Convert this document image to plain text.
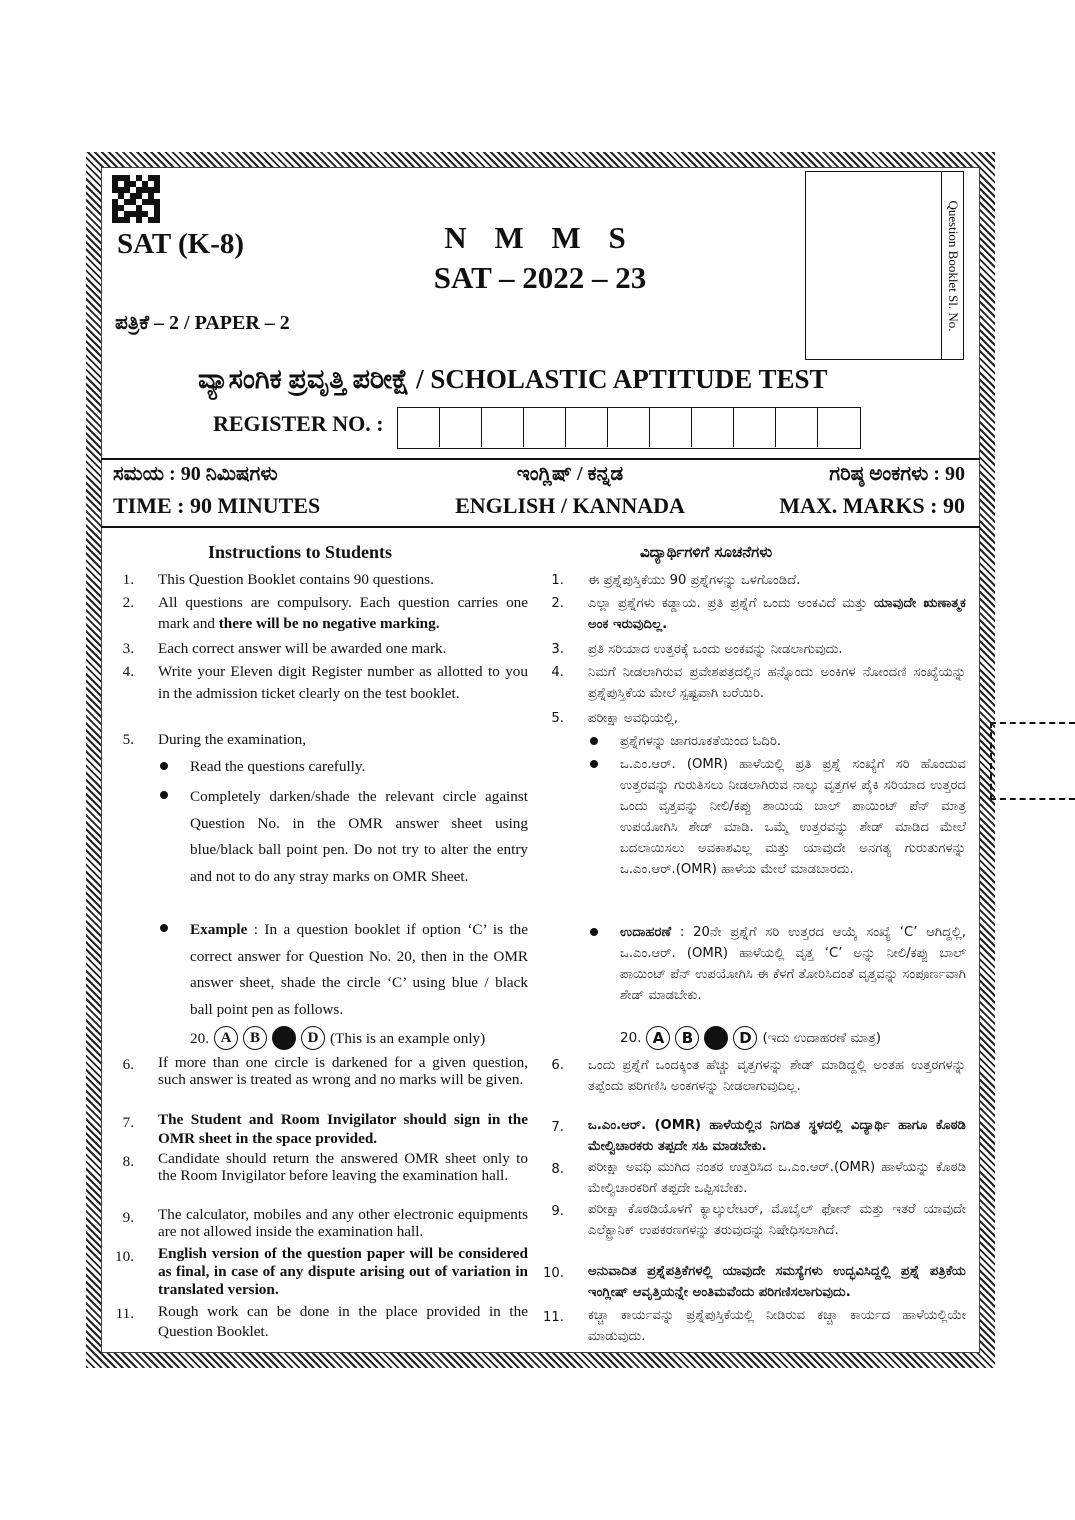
SAT (K-8)	N M M S
SAT – 2022 – 23
ಪತ್ರಿಕೆ – 2 / PAPER – 2	Question Booklet Sl. No.
ವ್ಯಾಸಂಗಿಕ ಪ್ರವೃತ್ತಿ ಪರೀಕ್ಷೆ / SCHOLASTIC APTITUDE TEST
REGISTER NO. :
ಸಮಯ : 90 ನಿಮಿಷಗಳು
TIME : 90 MINUTES
ಇಂಗ್ಲಿಷ್ / ಕನ್ನಡ
ENGLISH / KANNADA
ಗರಿಷ್ಠ ಅಂಕಗಳು : 90
MAX. MARKS : 90
Instructions to Students
1. This Question Booklet contains 90 questions.
2. All questions are compulsory. Each question carries one mark and there will be no negative marking.
3. Each correct answer will be awarded one mark.
4. Write your Eleven digit Register number as allotted to you in the admission ticket clearly on the test booklet.
5. During the examination,
Read the questions carefully.
Completely darken/shade the relevant circle against Question No. in the OMR answer sheet using blue/black ball point pen. Do not try to alter the entry and not to do any stray marks on OMR Sheet.
Example : In a question booklet if option ‘C’ is the correct answer for Question No. 20, then in the OMR answer sheet, shade the circle ‘C’ using blue / black ball point pen as follows.
20. A	B	D (This is an example only)
6. If more than one circle is darkened for a given question, such answer is treated as wrong and no marks will be given.
7. The Student and Room Invigilator should sign in the OMR sheet in the space provided.
8. Candidate should return the answered OMR sheet only to the Room Invigilator before leaving the examination hall.
9. The calculator, mobiles and any other electronic equipments are not allowed inside the examination hall.
10. English version of the question paper will be considered as final, in case of any dispute arising out of variation in translated version.
11. Rough work can be done in the place provided in the Question Booklet.
ವಿದ್ಯಾರ್ಥಿಗಳಿಗೆ ಸೂಚನೆಗಳು
1. ಈ ಪ್ರಶ್ನೆಪುಸ್ತಿಕೆಯು 90 ಪ್ರಶ್ನೆಗಳನ್ನು ಒಳಗೊಂಡಿದೆ.
2. ಎಲ್ಲಾ ಪ್ರಶ್ನೆಗಳು ಕಡ್ಡಾಯ. ಪ್ರತಿ ಪ್ರಶ್ನೆಗೆ ಒಂದು ಅಂಕವಿದೆ ಮತ್ತು ಯಾವುದೇ ಋಣಾತ್ಮಕ ಅಂಕ ಇರುವುದಿಲ್ಲ.
3. ಪ್ರತಿ ಸರಿಯಾದ ಉತ್ತರಕ್ಕೆ ಒಂದು ಅಂಕವನ್ನು ನೀಡಲಾಗುವುದು.
4. ನಿಮಗೆ ನೀಡಲಾಗಿರುವ ಪ್ರವೇಶಪತ್ರದಲ್ಲಿನ ಹನ್ನೊಂದು ಅಂಕಿಗಳ ನೋಂದಣಿ ಸಂಖ್ಯೆಯನ್ನು ಪ್ರಶ್ನೆಪುಸ್ತಿಕೆಯ ಮೇಲೆ ಸ್ಪಷ್ಟವಾಗಿ ಬರೆಯಿರಿ.
5. ಪರೀಕ್ಷಾ ಅವಧಿಯಲ್ಲಿ,
ಪ್ರಶ್ನೆಗಳನ್ನು ಜಾಗರೂಕತೆಯಿಂದ ಓದಿರಿ.
ಒ.ಎಂ.ಆರ್. (OMR) ಹಾಳೆಯಲ್ಲಿ ಪ್ರತಿ ಪ್ರಶ್ನೆ ಸಂಖ್ಯೆಗೆ ಸರಿ ಹೊಂದುವ ಉತ್ತರವನ್ನು ಗುರುತಿಸಲು ನೀಡಲಾಗಿರುವ ನಾಲ್ಕು ವೃತ್ತಗಳ ಪೈಕಿ ಸರಿಯಾದ ಉತ್ತರದ ಒಂದು ವೃತ್ತವನ್ನು ನೀಲಿ/ಕಪ್ಪು ಶಾಯಿಯ ಬಾಲ್ ಪಾಯಿಂಟ್ ಪೆನ್ ಮಾತ್ರ ಉಪಯೋಗಿಸಿ ಶೇಡ್ ಮಾಡಿ. ಒಮ್ಮೆ ಉತ್ತರವನ್ನು ಶೇಡ್ ಮಾಡಿದ ಮೇಲೆ ಬದಲಾಯಿಸಲು ಅವಕಾಶವಿಲ್ಲ ಮತ್ತು ಯಾವುದೇ ಅನಗತ್ಯ ಗುರುತುಗಳನ್ನು ಒ.ಎಂ.ಆರ್.(OMR) ಹಾಳೆಯ ಮೇಲೆ ಮಾಡಬಾರದು.
ಉದಾಹರಣೆ : 20ನೇ ಪ್ರಶ್ನೆಗೆ ಸರಿ ಉತ್ತರದ ಆಯ್ಕೆ ಸಂಖ್ಯೆ ‘C’ ಆಗಿದ್ದಲ್ಲಿ, ಒ.ಎಂ.ಆರ್. (OMR) ಹಾಳೆಯಲ್ಲಿ ವೃತ್ತ ‘C’ ಅನ್ನು ನೀಲಿ/ಕಪ್ಪು ಬಾಲ್ ಪಾಯಿಂಟ್ ಪೆನ್ ಉಪಯೋಗಿಸಿ ಈ ಕೆಳಗೆ ತೋರಿಸಿದಂತೆ ವೃತ್ತವನ್ನು ಸಂಪೂರ್ಣವಾಗಿ ಶೇಡ್ ಮಾಡಬೇಕು.
20. A	B	D (ಇದು ಉದಾಹರಣೆ ಮಾತ್ರ)
6. ಒಂದು ಪ್ರಶ್ನೆಗೆ ಒಂದಕ್ಕಿಂತ ಹೆಚ್ಚು ವೃತ್ತಗಳನ್ನು ಶೇಡ್ ಮಾಡಿದ್ದಲ್ಲಿ ಅಂತಹ ಉತ್ತರಗಳನ್ನು ತಪ್ಪೆಂದು ಪರಿಗಣಿಸಿ ಅಂಕಗಳನ್ನು ನೀಡಲಾಗುವುದಿಲ್ಲ.
7. ಒ.ಎಂ.ಆರ್. (OMR) ಹಾಳೆಯಲ್ಲಿನ ನಿಗದಿತ ಸ್ಥಳದಲ್ಲಿ ವಿದ್ಯಾರ್ಥಿ ಹಾಗೂ ಕೊಠಡಿ ಮೇಲ್ವಿಚಾರಕರು ತಪ್ಪದೇ ಸಹಿ ಮಾಡಬೇಕು.
8. ಪರೀಕ್ಷಾ ಅವಧಿ ಮುಗಿದ ನಂತರ ಉತ್ತರಿಸಿದ ಒ.ಎಂ.ಆರ್.(OMR) ಹಾಳೆಯನ್ನು ಕೊಠಡಿ ಮೇಲ್ವಿಚಾರಕರಿಗೆ ತಪ್ಪದೇ ಒಪ್ಪಿಸಬೇಕು.
9. ಪರೀಕ್ಷಾ ಕೊಠಡಿಯೊಳಗೆ ಕ್ಯಾಲ್ಕುಲೇಟರ್, ಮೊಬೈಲ್ ಫೋನ್ ಮತ್ತು ಇತರೆ ಯಾವುದೇ ಎಲೆಕ್ಟ್ರಾನಿಕ್ ಉಪಕರಣಗಳನ್ನು ತರುವುದನ್ನು ನಿಷೇಧಿಸಲಾಗಿದೆ.
10. ಅನುವಾದಿತ ಪ್ರಶ್ನೆಪತ್ರಿಕೆಗಳಲ್ಲಿ ಯಾವುದೇ ಸಮಸ್ಯೆಗಳು ಉದ್ಭವಿಸಿದ್ದಲ್ಲಿ ಪ್ರಶ್ನೆ ಪತ್ರಿಕೆಯ ಇಂಗ್ಲೀಷ್ ಆವೃತ್ತಿಯನ್ನೇ ಅಂತಿಮವೆಂದು ಪರಿಗಣಿಸಲಾಗುವುದು.
11. ಕಚ್ಚಾ ಕಾರ್ಯವನ್ನು ಪ್ರಶ್ನೆಪುಸ್ತಿಕೆಯಲ್ಲಿ ನೀಡಿರುವ ಕಚ್ಚಾ ಕಾರ್ಯದ ಹಾಳೆಯಲ್ಲಿಯೇ ಮಾಡುವುದು.
